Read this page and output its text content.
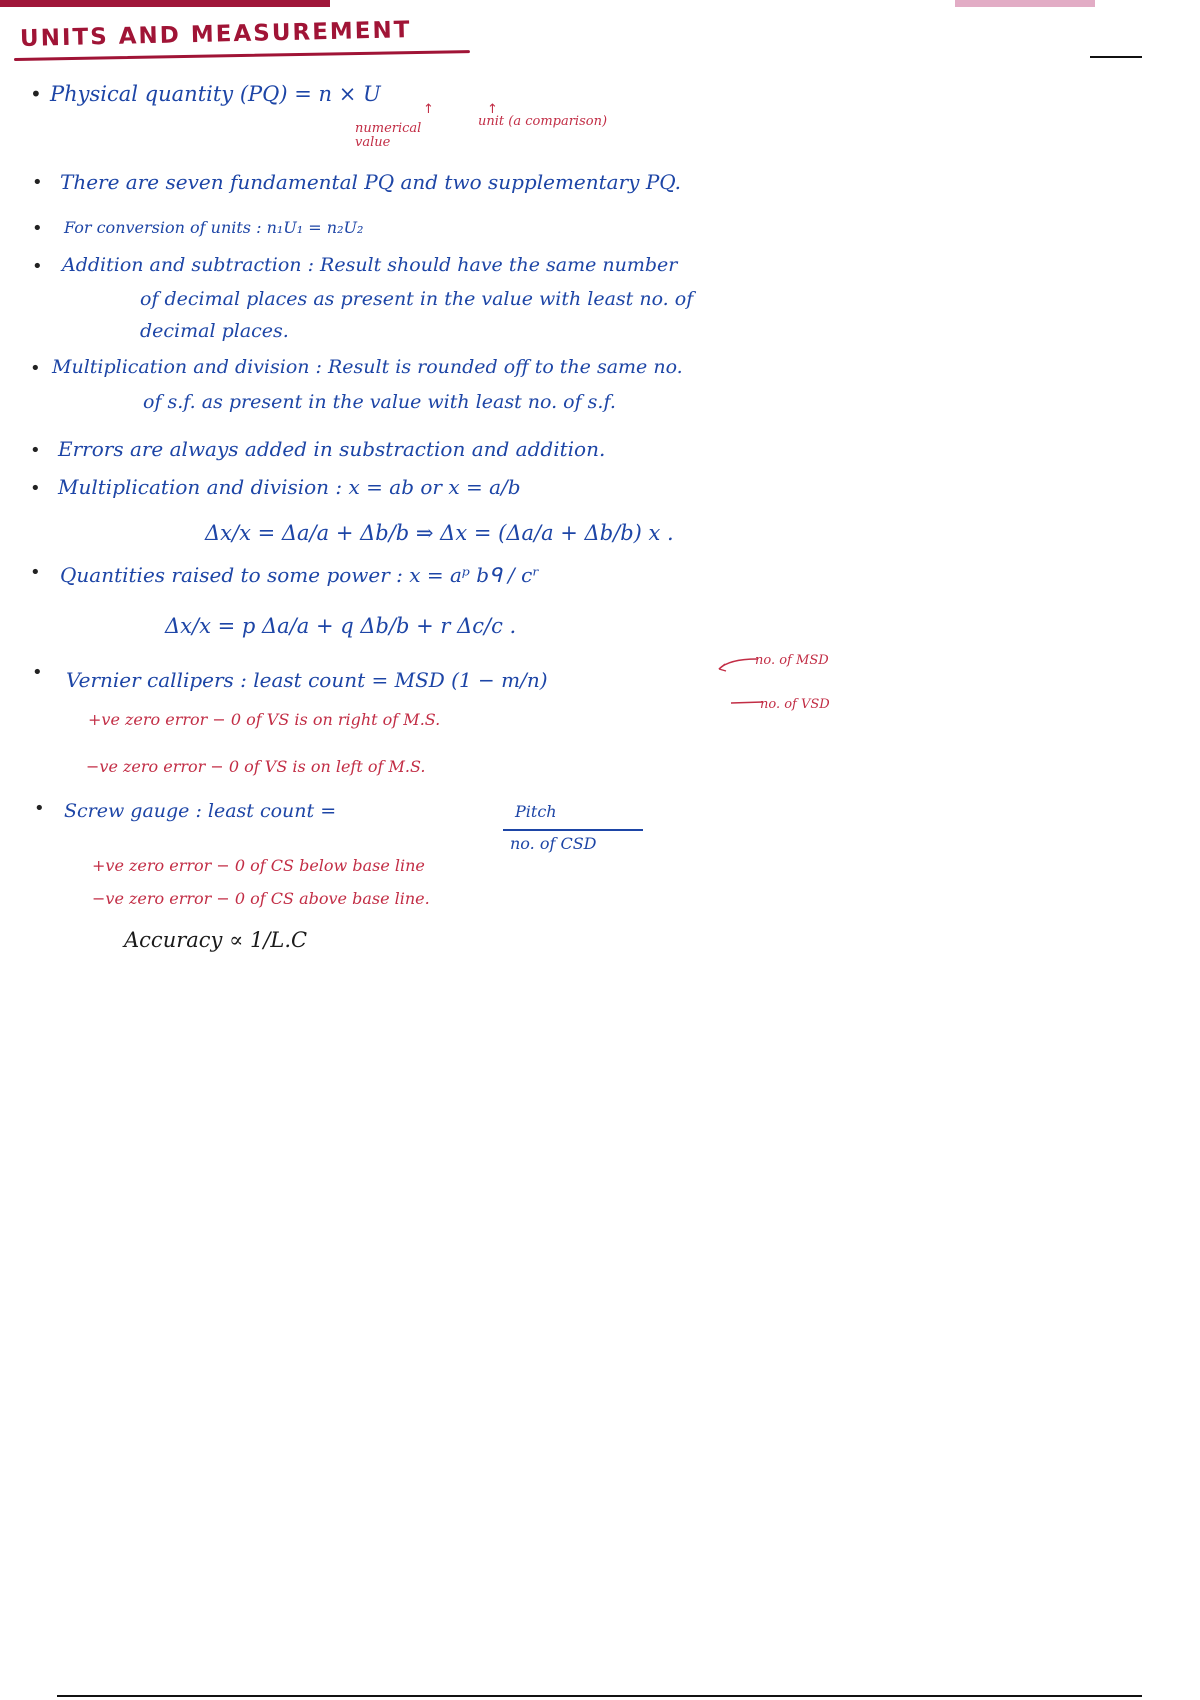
UNITS AND MEASUREMENT
• Physical quantity (PQ) = n × U
↑	↑
numerical value
unit (a comparison)
• There are seven fundamental PQ and two supplementary PQ.
• For conversion of units : n₁U₁ = n₂U₂
• Addition and subtraction : Result should have the same number
of decimal places as present in the value with least no. of
decimal places.
• Multiplication and division : Result is rounded off to the same no.
of s.f. as present in the value with least no. of s.f.
• Errors are always added in substraction and addition.
• Multiplication and division : x = ab or x = a/b
Δx/x = Δa/a + Δb/b ⇒ Δx = (Δa/a + Δb/b) x .
• Quantities raised to some power : x = aᵖ bᑫ / cʳ
Δx/x = p Δa/a + q Δb/b + r Δc/c .
• Vernier callipers : least count = MSD (1 − m/n)
no. of MSD
no. of VSD
+ve zero error − 0 of VS is on right of M.S.
−ve zero error − 0 of VS is on left of M.S.
• Screw gauge : least count =	Pitch
no. of CSD
+ve zero error − 0 of CS below base line
−ve zero error − 0 of CS above base line.
Accuracy ∝ 1/L.C
